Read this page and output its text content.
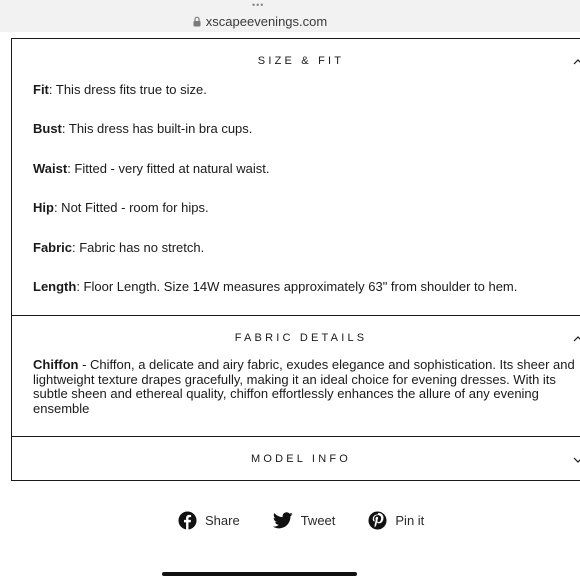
•••
xscapeevenings.com
SIZE & FIT
Fit: This dress fits true to size.
Bust: This dress has built-in bra cups.
Waist: Fitted - very fitted at natural waist.
Hip: Not Fitted - room for hips.
Fabric: Fabric has no stretch.
Length: Floor Length. Size 14W measures approximately 63" from shoulder to hem.
FABRIC DETAILS
Chiffon - Chiffon, a delicate and airy fabric, exudes elegance and sophistication. Its sheer and lightweight texture drapes gracefully, making it an ideal choice for evening dresses. With its subtle sheen and ethereal quality, chiffon effortlessly enhances the allure of any evening ensemble
MODEL INFO
Share	Tweet	Pin it
